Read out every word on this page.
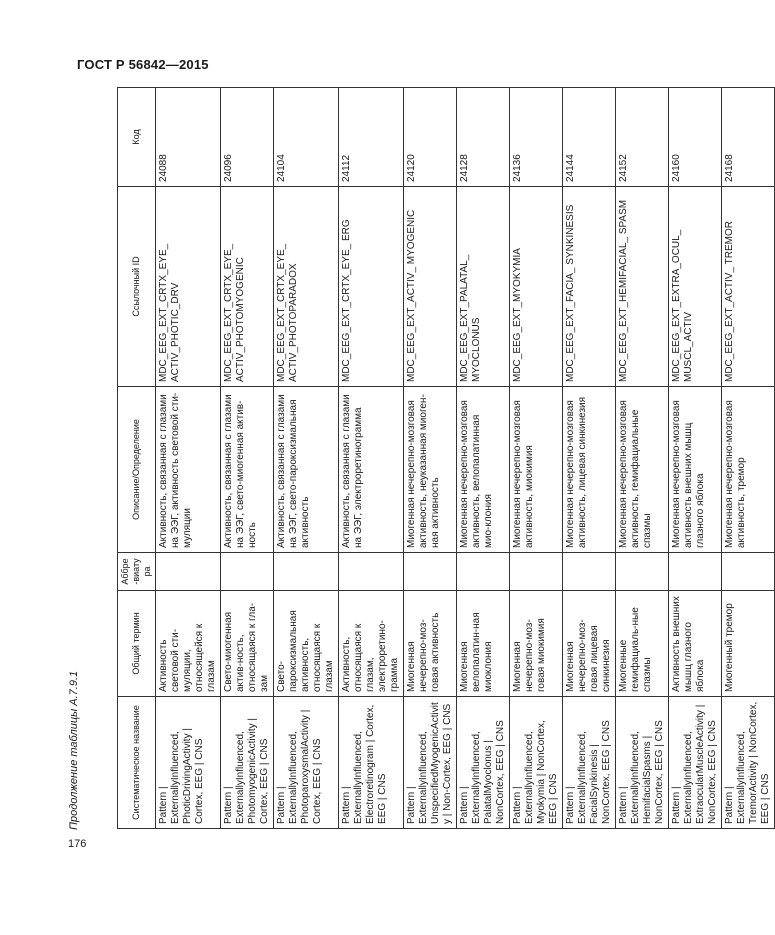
ГОСТ Р 56842—2015
Продолжение таблицы А.7.9.1	Систематическое название	Общий термин	Аббре-виатура	Описание/Определение	Ссылочный ID	Код
Pattern | ExternallyInfluenced, PhoticDrivingActivity | Cortex, EEG | CNS	Активность световой сти-муляции, относящейся к глазам		Активность, связанная с глазами на ЭЭГ, активность световой сти-муляции	MDC_EEG_EXT_CRTX_EYE_ ACTIV_PHOTIC_DRV	24088
Pattern | ExternallyInfluenced, PhotomyogenicActivity | Cortex, EEG | CNS	Свето-миогенная актив-ность, относящаяся к гла-зам		Активность, связанная с глазами на ЭЭГ, свето-миогенная актив-ность	MDC_EEG_EXT_CRTX_EYE_ ACTIV_PHOTOMYOGENIC	24096
Pattern | ExternallyInfluenced, PhotoparoxysmalActivity | Cortex, EEG | CNS	Свето-пароксизмальная активность, относящаяся к глазам		Активность, связанная с глазами на ЭЭГ, свето-пароксизмальная активность	MDC_EEG_EXT_CRTX_EYE_ ACTIV_PHOTOPARADOX	24104
Pattern | ExternallyInfluenced, Electroretinogram | Cortex, EEG | CNS	Активность, относящаяся к глазам, электроретино-грамма		Активность, связанная с глазами на ЭЭГ, электроретинограмма	MDC_EEG_EXT_CRTX_EYE_ ERG	24112
Pattern | ExternallyInfluenced, UnspecifiedMyogenicActivity | Non-Cortex, EEG | CNS	Миогенная нечерепно-моз-говая активность		Миогенная нечерепно-мозговая активность, неуказанная миоген-ная активность	MDC_EEG_EXT_ACTIV_ MYOGENIC	24120
Pattern | ExternallyInfluenced, PalatalMyoclonus | NonCortex, EEG | CNS	Миогенная велопалатин-ная миоклония		Миогенная нечерепно-мозговая активность, велопалатинная мио-клония	MDC_EEG_EXT_PALATAL_ MYOCLONUS	24128
Pattern | ExternallyInfluenced, Myokymia | NonCortex, EEG | CNS	Миогенная нечерепно-моз-говая миокимия		Миогенная нечерепно-мозговая активность, миокимия	MDC_EEG_EXT_MYOKYMIA	24136
Pattern | ExternallyInfluenced, FacialSynkinesis | NonCortex, EEG | CNS	Миогенная нечерепно-моз-говая лицевая синкинезия		Миогенная нечерепно-мозговая активность, лицевая синкинезия	MDC_EEG_EXT_FACIA_ SYNKINESIS	24144
Pattern | ExternallyInfluenced, HemifacialSpasms | NonCortex, EEG | CNS	Миогенные гемифациаль-ные спазмы		Миогенная нечерепно-мозговая активность, гемифациальные спазмы	MDC_EEG_EXT_HEMIFACIAL_ SPASM	24152
Pattern | ExternallyInfluenced, ExtraocularMuscleActivity | NonCortex, EEG | CNS	Активность внешних мышц глазного яблока		Миогенная нечерепно-мозговая активность внешних мышц глазного яблока	MDC_EEG_EXT_EXTRA_OCUL_ MUSCL_ACTIV	24160
Pattern | ExternallyInfluenced, TremorActivity | NonCortex, EEG | CNS	Миогенный тремор		Миогенная нечерепно-мозговая активность, тремор	MDC_EEG_EXT_ACTIV_ TREMOR	24168
176
